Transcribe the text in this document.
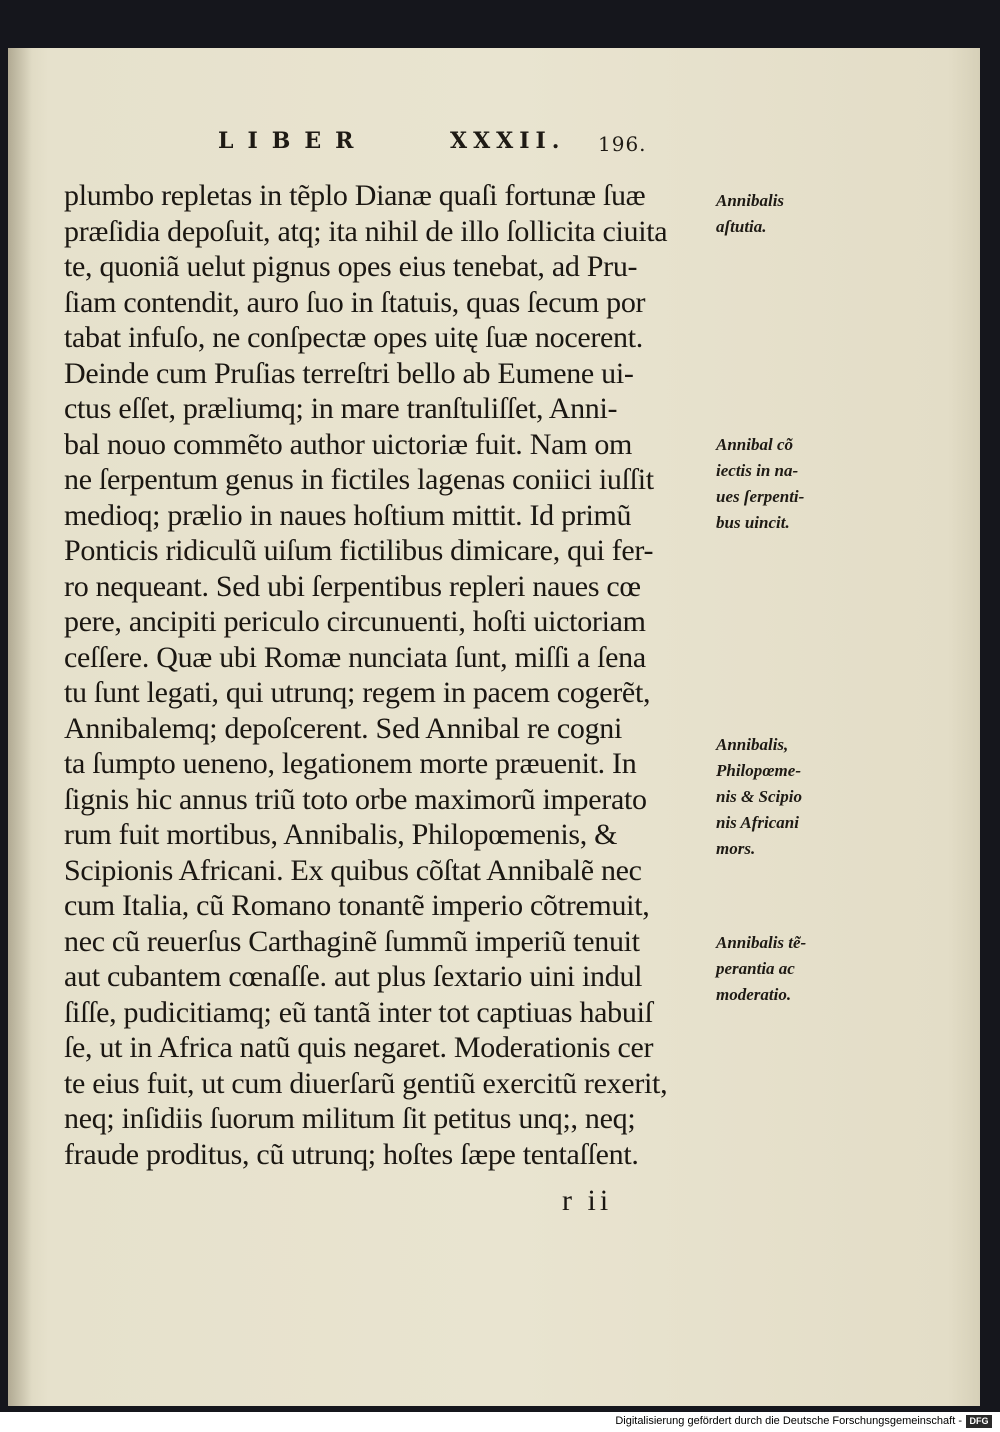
LIBER	XXXII. 196.
plumbo repletas in tẽplo Dianæ quaſi fortunæ ſuæ
præſidia depoſuit, atq; ita nihil de illo ſollicita ciuita
te, quoniã uelut pignus opes eius tenebat, ad Pru-
ſiam contendit, auro ſuo in ſtatuis, quas ſecum por
tabat infuſo, ne conſpectæ opes uitę ſuæ nocerent.
Deinde cum Pruſias terreſtri bello ab Eumene ui-
ctus eſſet, præliumq; in mare tranſtuliſſet, Anni-
bal nouo commẽto author uictoriæ fuit. Nam om
ne ſerpentum genus in fictiles lagenas coniici iuſſit
medioq; prælio in naues hoſtium mittit. Id primũ
Ponticis ridiculũ uiſum fictilibus dimicare, qui fer-
ro nequeant. Sed ubi ſerpentibus repleri naues cœ
pere, ancipiti periculo circunuenti, hoſti uictoriam
ceſſere. Quæ ubi Romæ nunciata ſunt, miſſi a ſena
tu ſunt legati, qui utrunq; regem in pacem cogerẽt,
Annibalemq; depoſcerent. Sed Annibal re cogni
ta ſumpto ueneno, legationem morte præuenit. In
ſignis hic annus triũ toto orbe maximorũ imperato
rum fuit mortibus, Annibalis, Philopœmenis, &
Scipionis Africani. Ex quibus cõſtat Annibalẽ nec
cum Italia, cũ Romano tonantẽ imperio cõtremuit,
nec cũ reuerſus Carthaginẽ ſummũ imperiũ tenuit
aut cubantem cœnaſſe. aut plus ſextario uini indul
ſiſſe, pudicitiamq; eũ tantã inter tot captiuas habuiſ
ſe, ut in Africa natũ quis negaret. Moderationis cer
te eius fuit, ut cum diuerſarũ gentiũ exercitũ rexerit,
neq; inſidiis ſuorum militum ſit petitus unq;, neq;
fraude proditus, cũ utrunq; hoſtes ſæpe tentaſſent.
r ii
Annibalis
aſtutia.
Annibal cõ
iectis in na-
ues ſerpenti-
bus uincit.
Annibalis,
Philopœme-
nis & Scipio
nis Africani
mors.
Annibalis tẽ-
perantia ac
moderatio.
Digitalisierung gefördert durch die Deutsche Forschungsgemeinschaft - DFG
